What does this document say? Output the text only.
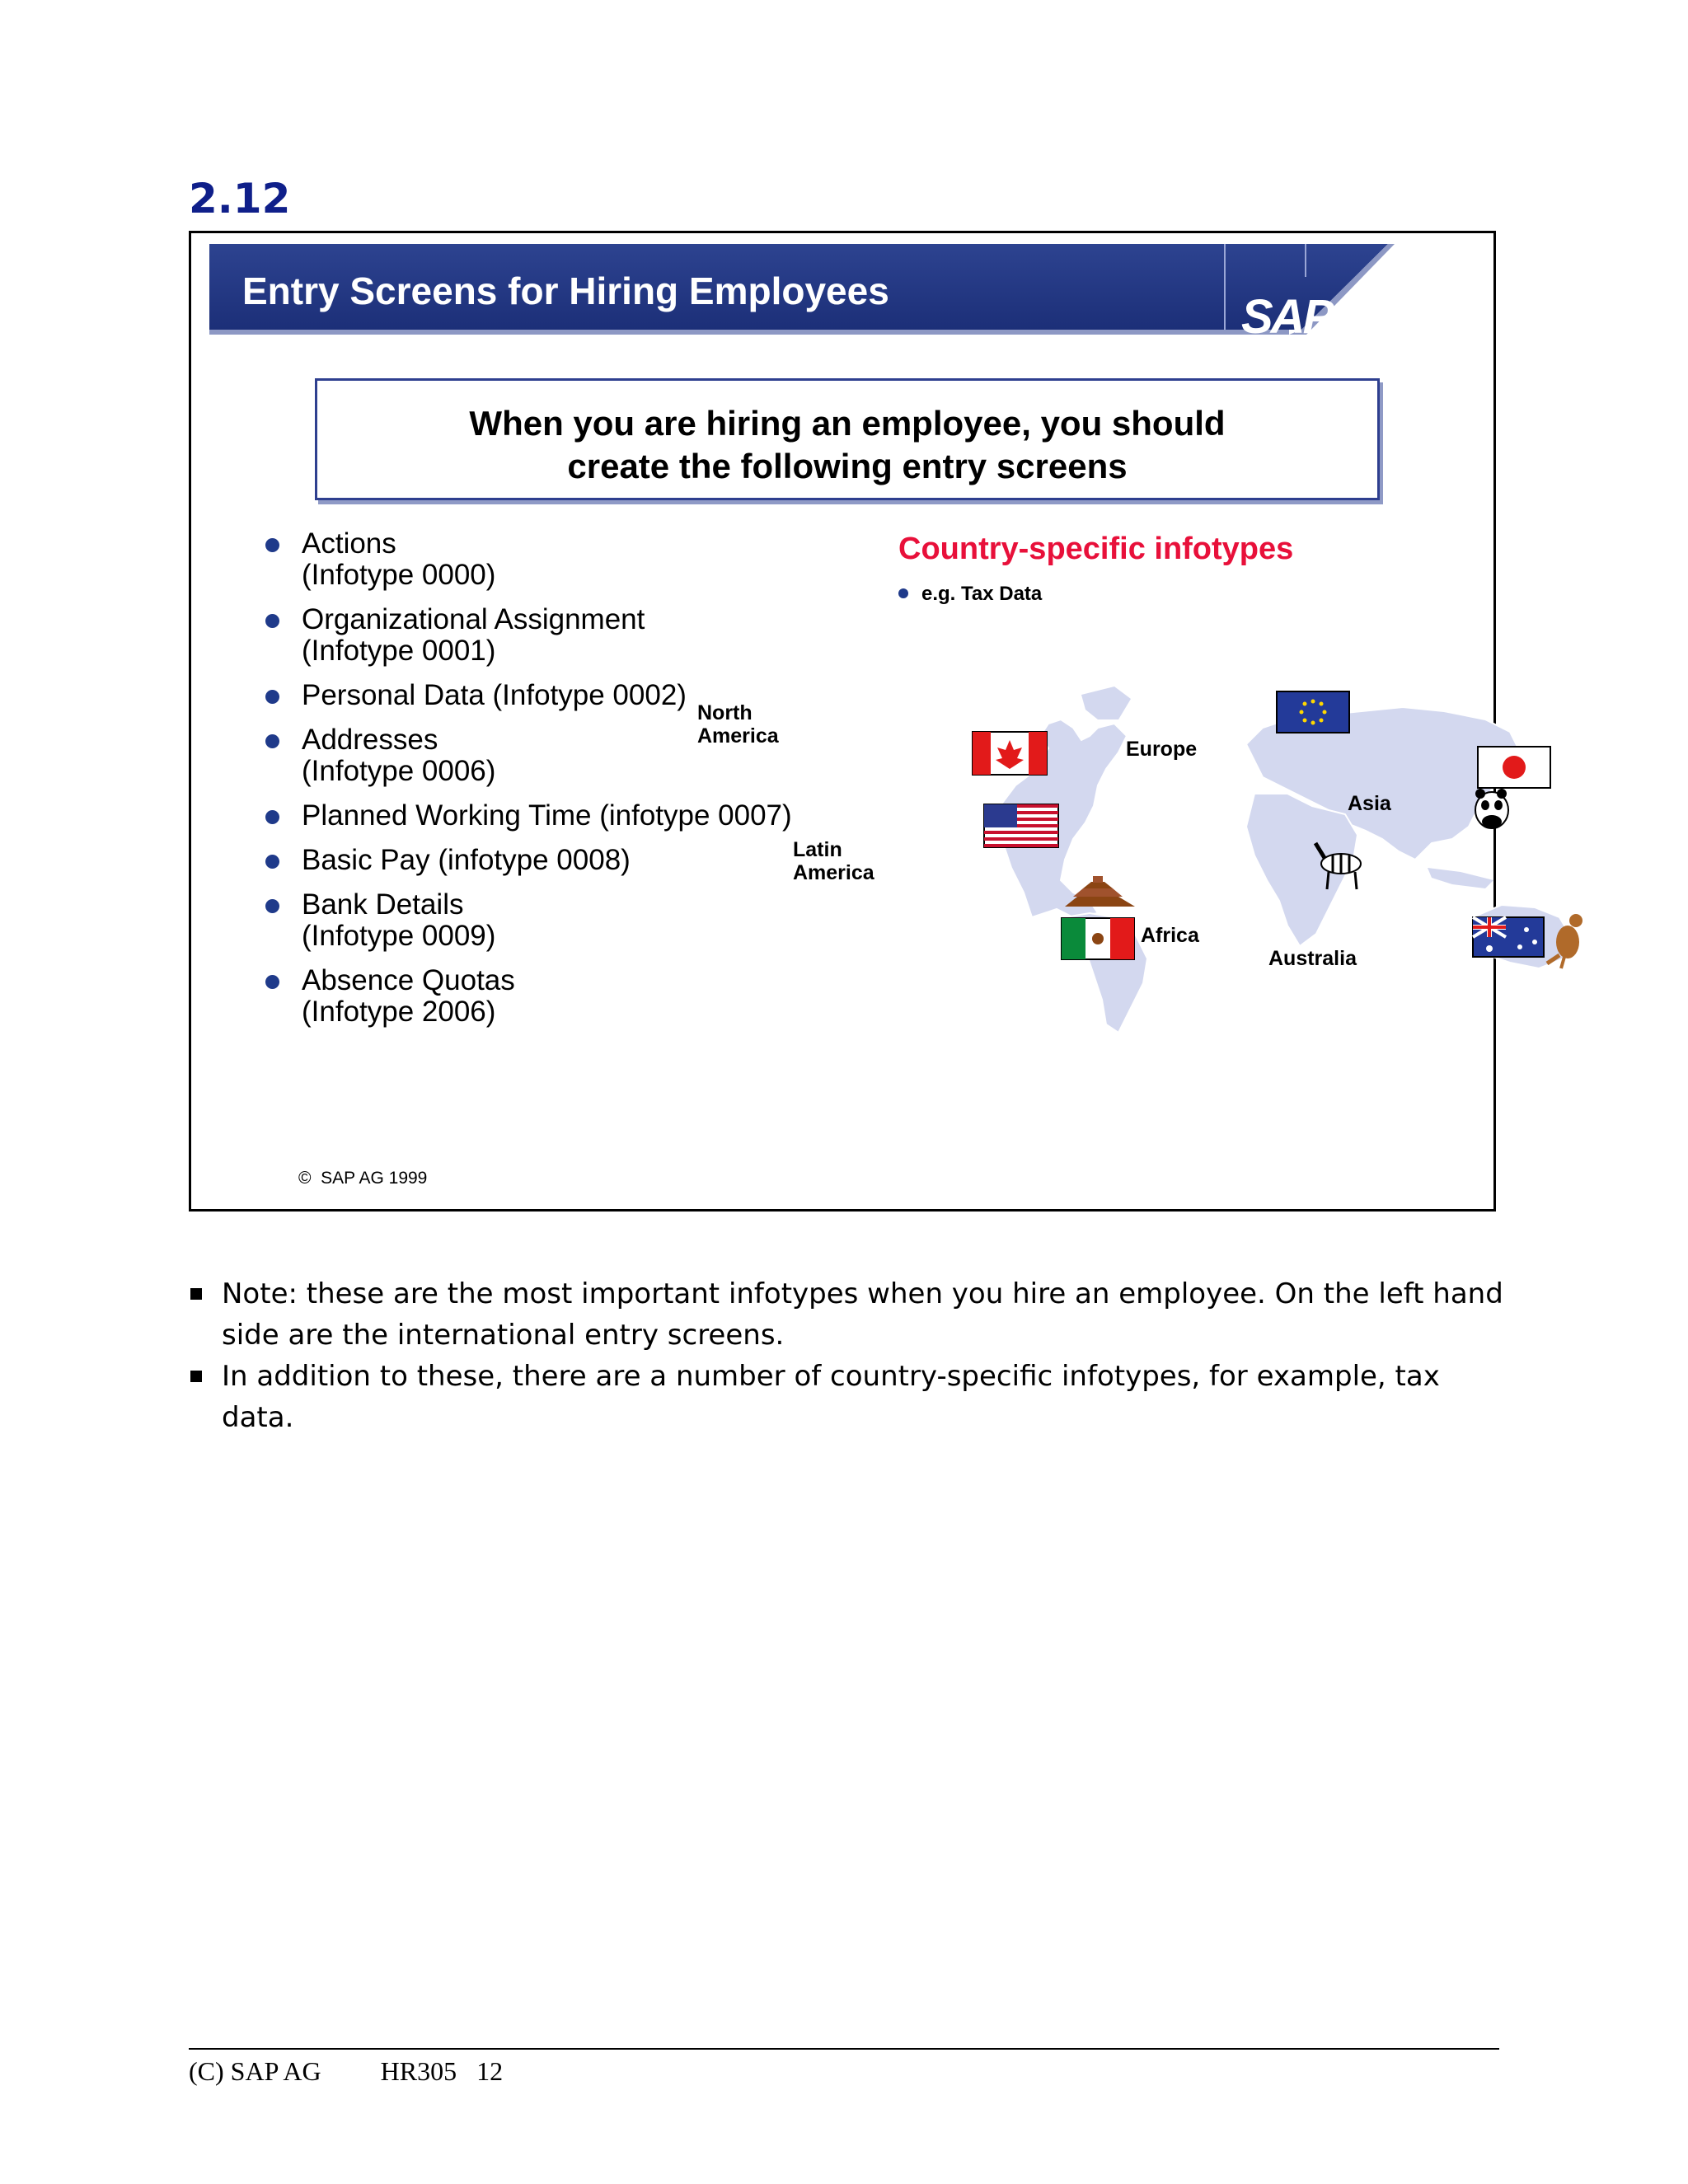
2.12
Entry Screens for Hiring Employees	SAP
When you are hiring an employee, you should
create the following entry screens
Actions
(Infotype 0000)
Organizational Assignment
(Infotype 0001)
Personal Data (Infotype 0002)
Addresses
(Infotype 0006)
Planned Working Time (infotype 0007)
Basic Pay (infotype 0008)
Bank Details
(Infotype 0009)
Absence Quotas
(Infotype 2006)
Country-specific infotypes
e.g. Tax Data
North
America
Latin
America
Europe
Asia
Africa
Australia
©  SAP AG 1999
Note: these are the most important infotypes when you hire an employee. On the left hand
side are the international entry screens.
In addition to these, there are a number of country-specific infotypes, for example, tax data.
(C) SAP AG HR305 12
